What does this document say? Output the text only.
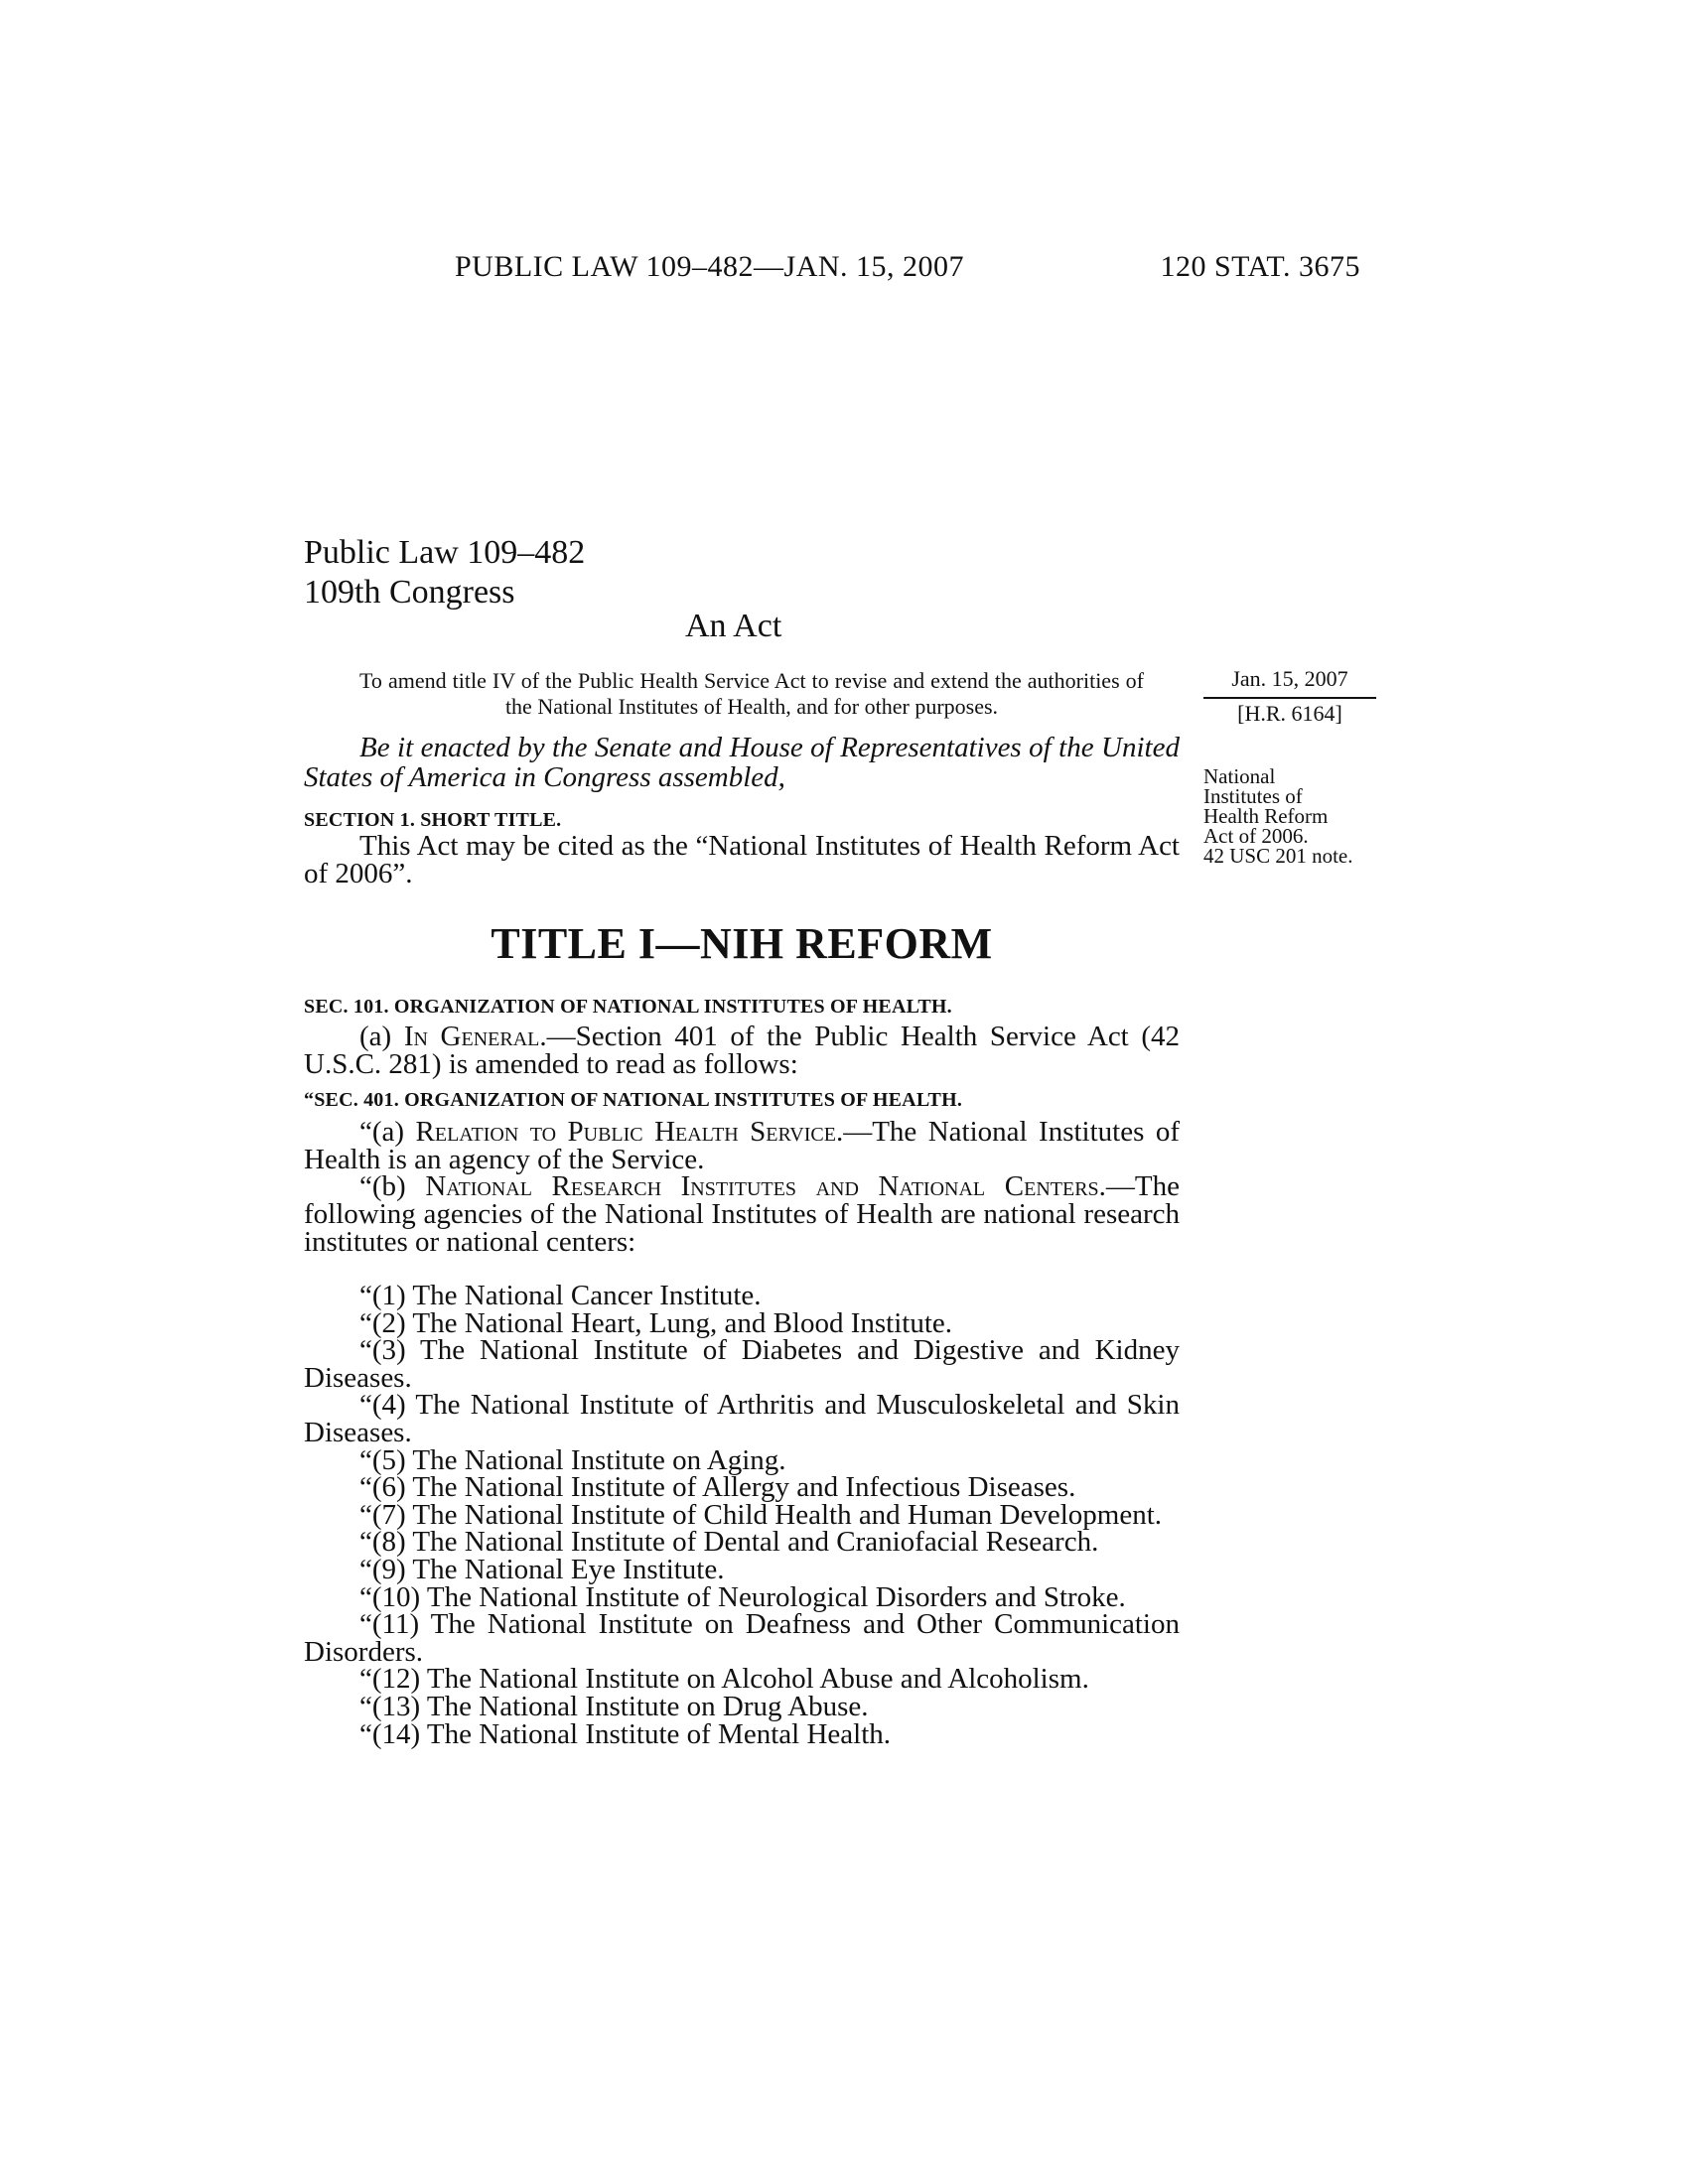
PUBLIC LAW 109–482—JAN. 15, 2007	120 STAT. 3675
Public Law 109–482
109th Congress
An Act
To amend title IV of the Public Health Service Act to revise and extend the authorities of the National Institutes of Health, and for other purposes.
Jan. 15, 2007
[H.R. 6164]
National
Institutes of
Health Reform
Act of 2006.
42 USC 201 note.
Be it enacted by the Senate and House of Representatives of the United States of America in Congress assembled,
SECTION 1. SHORT TITLE.
This Act may be cited as the “National Institutes of Health Reform Act of 2006”.
TITLE I—NIH REFORM
SEC. 101. ORGANIZATION OF NATIONAL INSTITUTES OF HEALTH.
(a) In General.—Section 401 of the Public Health Service Act (42 U.S.C. 281) is amended to read as follows:
“SEC. 401. ORGANIZATION OF NATIONAL INSTITUTES OF HEALTH.
“(a) Relation to Public Health Service.—The National Institutes of Health is an agency of the Service.
“(b) National Research Institutes and National Centers.—The following agencies of the National Institutes of Health are national research institutes or national centers:
“(1) The National Cancer Institute.
“(2) The National Heart, Lung, and Blood Institute.
“(3) The National Institute of Diabetes and Digestive and Kidney Diseases.
“(4) The National Institute of Arthritis and Musculoskeletal and Skin Diseases.
“(5) The National Institute on Aging.
“(6) The National Institute of Allergy and Infectious Diseases.
“(7) The National Institute of Child Health and Human Development.
“(8) The National Institute of Dental and Craniofacial Research.
“(9) The National Eye Institute.
“(10) The National Institute of Neurological Disorders and Stroke.
“(11) The National Institute on Deafness and Other Communication Disorders.
“(12) The National Institute on Alcohol Abuse and Alcoholism.
“(13) The National Institute on Drug Abuse.
“(14) The National Institute of Mental Health.
